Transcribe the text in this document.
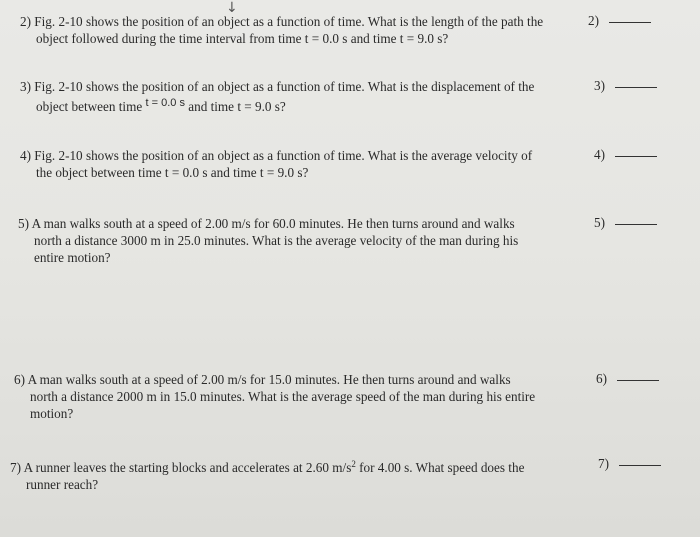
↓
2) Fig. 2-10 shows the position of an object as a function of time. What is the length of the path the
object followed during the time interval from time t = 0.0 s and time t = 9.0 s?
2)
3) Fig. 2-10 shows the position of an object as a function of time. What is the displacement of the
object between time $^{t = 0.0 s}$ and time t = 9.0 s?
3)
4) Fig. 2-10 shows the position of an object as a function of time. What is the average velocity of
the object between time t = 0.0 s and time t = 9.0 s?
4)
5) A man walks south at a speed of 2.00 m/s for 60.0 minutes. He then turns around and walks
north a distance 3000 m in 25.0 minutes. What is the average velocity of the man during his
entire motion?
5)
6) A man walks south at a speed of 2.00 m/s for 15.0 minutes. He then turns around and walks
north a distance 2000 m in 15.0 minutes. What is the average speed of the man during his entire
motion?
6)
7) A runner leaves the starting blocks and accelerates at 2.60 $m/s^2$ for 4.00 s. What speed does the
runner reach?
7)
